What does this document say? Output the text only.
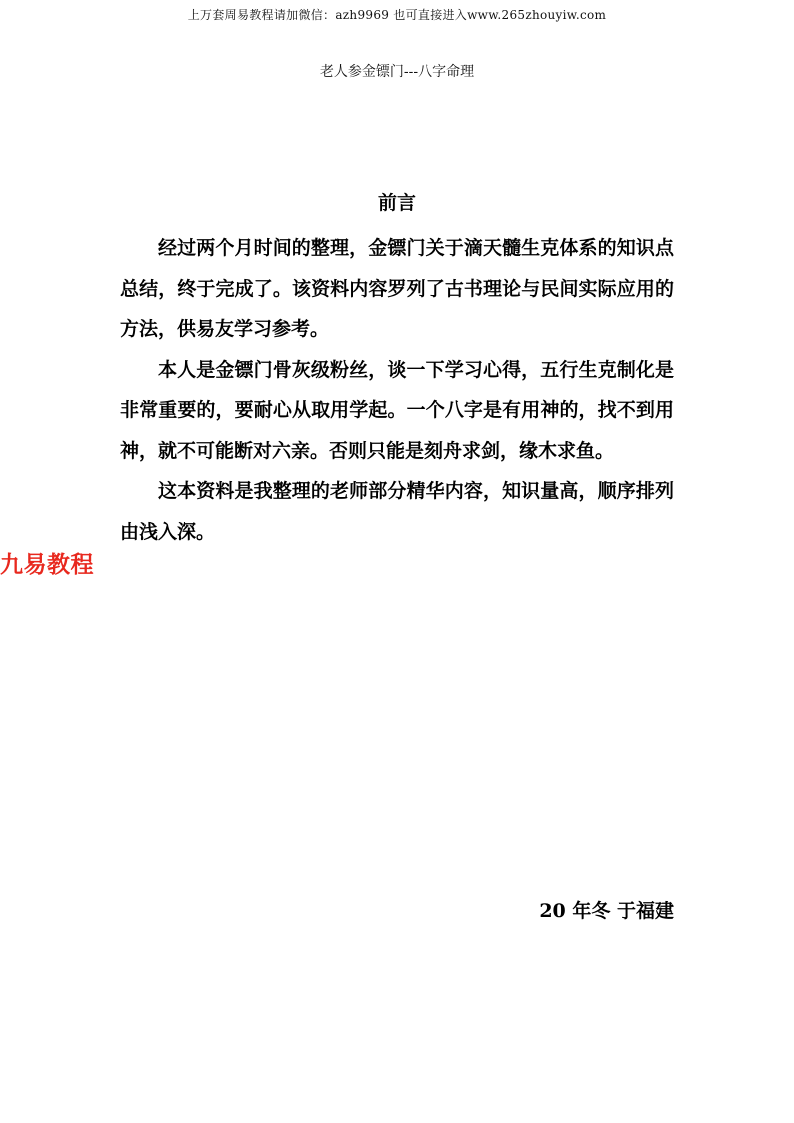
上万套周易教程请加微信：azh9969 也可直接进入www.265zhouyiw.com
老人参金镖门---八字命理
前言

经过两个月时间的整理，金镖门关于滴天髓生克体系的知识点总结，终于完成了。该资料内容罗列了古书理论与民间实际应用的方法，供易友学习参考。

本人是金镖门骨灰级粉丝，谈一下学习心得，五行生克制化是非常重要的，要耐心从取用学起。一个八字是有用神的，找不到用神，就不可能断对六亲。否则只能是刻舟求剑，缘木求鱼。

这本资料是我整理的老师部分精华内容，知识量高，顺序排列由浅入深。

九易教程
20 年冬 于福建
